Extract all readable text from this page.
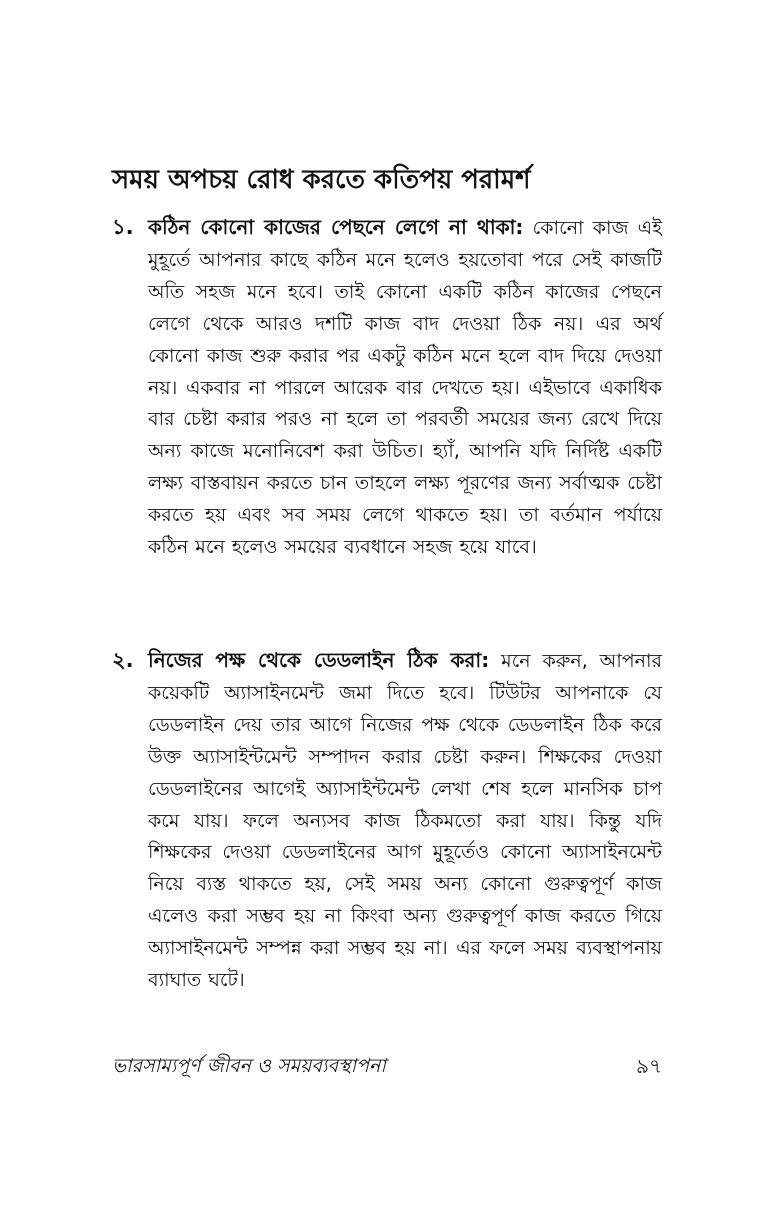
সময় অপচয় রোধ করতে কতিপয় পরামর্শ
১. কঠিন কোনো কাজের পেছনে লেগে না থাকা: কোনো কাজ এই মুহূর্তে আপনার কাছে কঠিন মনে হলেও হয়তোবা পরে সেই কাজটি অতি সহজ মনে হবে। তাই কোনো একটি কঠিন কাজের পেছনে লেগে থেকে আরও দশটি কাজ বাদ দেওয়া ঠিক নয়। এর অর্থ কোনো কাজ শুরু করার পর একটু কঠিন মনে হলে বাদ দিয়ে দেওয়া নয়। একবার না পারলে আরেক বার দেখতে হয়। এইভাবে একাধিক বার চেষ্টা করার পরও না হলে তা পরবর্তী সময়ের জন্য রেখে দিয়ে অন্য কাজে মনোনিবেশ করা উচিত। হ্যাঁ, আপনি যদি নির্দিষ্ট একটি লক্ষ্য বাস্তবায়ন করতে চান তাহলে লক্ষ্য পূরণের জন্য সর্বাত্মক চেষ্টা করতে হয় এবং সব সময় লেগে থাকতে হয়। তা বর্তমান পর্যায়ে কঠিন মনে হলেও সময়ের ব্যবধানে সহজ হয়ে যাবে।
২. নিজের পক্ষ থেকে ডেডলাইন ঠিক করা: মনে করুন, আপনার কয়েকটি অ্যাসাইনমেন্ট জমা দিতে হবে। টিউটর আপনাকে যে ডেডলাইন দেয় তার আগে নিজের পক্ষ থেকে ডেডলাইন ঠিক করে উক্ত অ্যাসাইন্টমেন্ট সম্পাদন করার চেষ্টা করুন। শিক্ষকের দেওয়া ডেডলাইনের আগেই অ্যাসাইন্টমেন্ট লেখা শেষ হলে মানসিক চাপ কমে যায়। ফলে অন্যসব কাজ ঠিকমতো করা যায়। কিন্তু যদি শিক্ষকের দেওয়া ডেডলাইনের আগ মুহূর্তেও কোনো অ্যাসাইনমেন্ট নিয়ে ব্যস্ত থাকতে হয়, সেই সময় অন্য কোনো গুরুত্বপূর্ণ কাজ এলেও করা সম্ভব হয় না কিংবা অন্য গুরুত্বপূর্ণ কাজ করতে গিয়ে অ্যাসাইনমেন্ট সম্পন্ন করা সম্ভব হয় না। এর ফলে সময় ব্যবস্থাপনায় ব্যাঘাত ঘটে।
ভারসাম্যপূর্ণ জীবন ও সময়ব্যবস্থাপনা	৯৭
